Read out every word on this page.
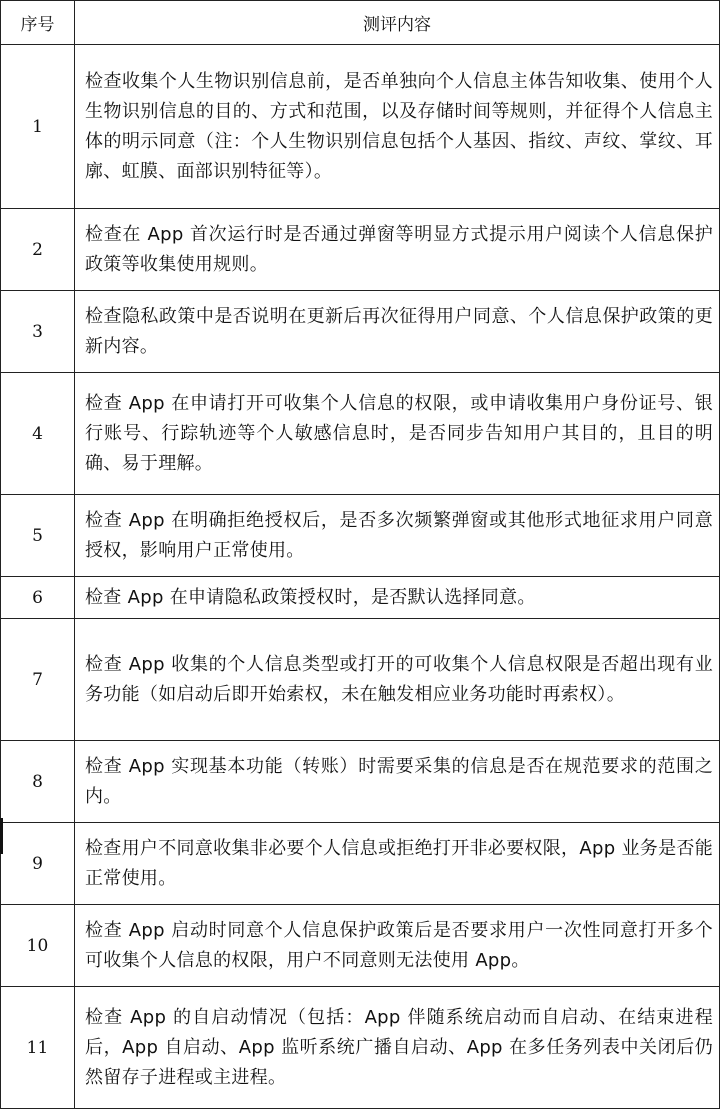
序号	测评内容
1	检查收集个人生物识别信息前，是否单独向个人信息主体告知收集、使用个人生物识别信息的目的、方式和范围，以及存储时间等规则，并征得个人信息主体的明示同意（注：个人生物识别信息包括个人基因、指纹、声纹、掌纹、耳廓、虹膜、面部识别特征等）。
2	检查在 App 首次运行时是否通过弹窗等明显方式提示用户阅读个人信息保护政策等收集使用规则。
3	检查隐私政策中是否说明在更新后再次征得用户同意、个人信息保护政策的更新内容。
4	检查 App 在申请打开可收集个人信息的权限，或申请收集用户身份证号、银行账号、行踪轨迹等个人敏感信息时，是否同步告知用户其目的，且目的明确、易于理解。
5	检查 App 在明确拒绝授权后，是否多次频繁弹窗或其他形式地征求用户同意授权，影响用户正常使用。
6	检查 App 在申请隐私政策授权时，是否默认选择同意。
7	检查 App 收集的个人信息类型或打开的可收集个人信息权限是否超出现有业务功能（如启动后即开始索权，未在触发相应业务功能时再索权）。
8	检查 App 实现基本功能（转账）时需要采集的信息是否在规范要求的范围之内。
9	检查用户不同意收集非必要个人信息或拒绝打开非必要权限，App 业务是否能正常使用。
10	检查 App 启动时同意个人信息保护政策后是否要求用户一次性同意打开多个可收集个人信息的权限，用户不同意则无法使用 App。
11	检查 App 的自启动情况（包括：App 伴随系统启动而自启动、在结束进程后，App 自启动、App 监听系统广播自启动、App 在多任务列表中关闭后仍然留存子进程或主进程。
